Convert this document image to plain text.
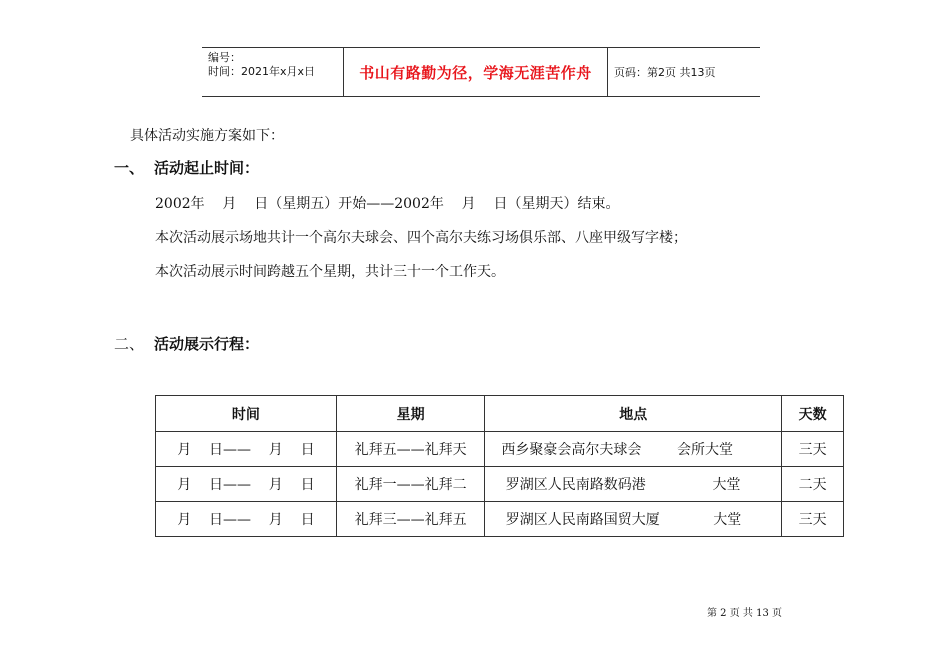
编号：
时间：2021年x月x日	书山有路勤为径，学海无涯苦作舟	页码：第2页 共13页
具体活动实施方案如下：
一、 活动起止时间：
2002年    月    日（星期五）开始——2002年    月    日（星期天）结束。
本次活动展示场地共计一个高尔夫球会、四个高尔夫练习场俱乐部、八座甲级写字楼；
本次活动展示时间跨越五个星期，共计三十一个工作天。
二、 活动展示行程：
时间	星期	地点	天数
月    日——    月    日	礼拜五——礼拜天	西乡聚豪会高尔夫球会        会所大堂	三天
月    日——    月    日	礼拜一——礼拜二	罗湖区人民南路数码港               大堂	二天
月    日——    月    日	礼拜三——礼拜五	罗湖区人民南路国贸大厦            大堂	三天
第 2 页 共 13 页
